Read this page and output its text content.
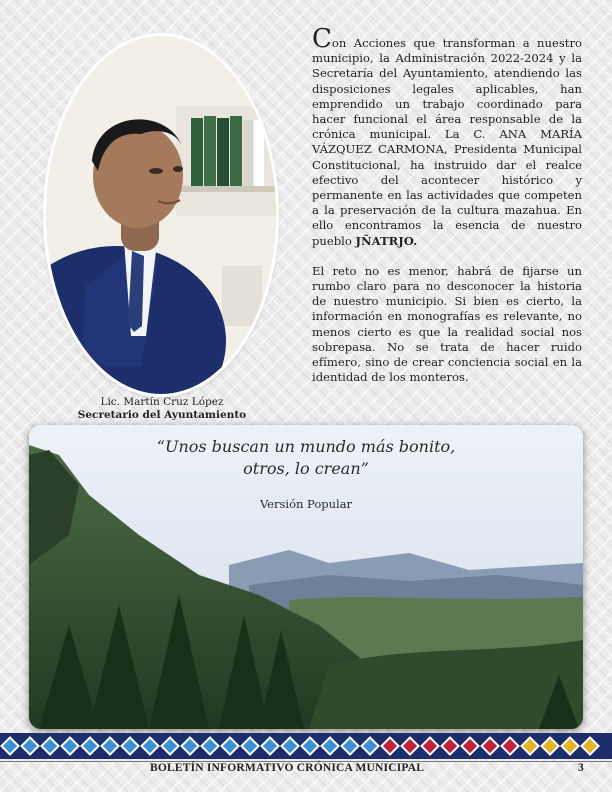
Lic. Martín Cruz López
Secretario del Ayuntamiento

Con Acciones que transforman a nuestro municipio, la Administración 2022-2024 y la Secretaría del Ayuntamiento, atendiendo las disposiciones legales aplicables, han emprendido un trabajo coordinado para hacer funcional el área responsable de la crónica municipal. La C. ANA MARÍA VÁZQUEZ CARMONA, Presidenta Municipal Constitucional, ha instruido dar el realce efectivo del acontecer histórico y permanente en las actividades que competen a la preservación de la cultura mazahua. En ello encontramos la esencia de nuestro pueblo JÑATRJO.

El reto no es menor, habrá de fijarse un rumbo claro para no desconocer la historia de nuestro municipio. Si bien es cierto, la información en monografías es relevante, no menos cierto es que la realidad social nos sobrepasa. No se trata de hacer ruido efímero, sino de crear conciencia social en la identidad de los monteros.

“Unos buscan un mundo más bonito,
otros, lo crean”
Versión Popular
BOLETÍN INFORMATIVO CRÓNICA MUNICIPAL	3
